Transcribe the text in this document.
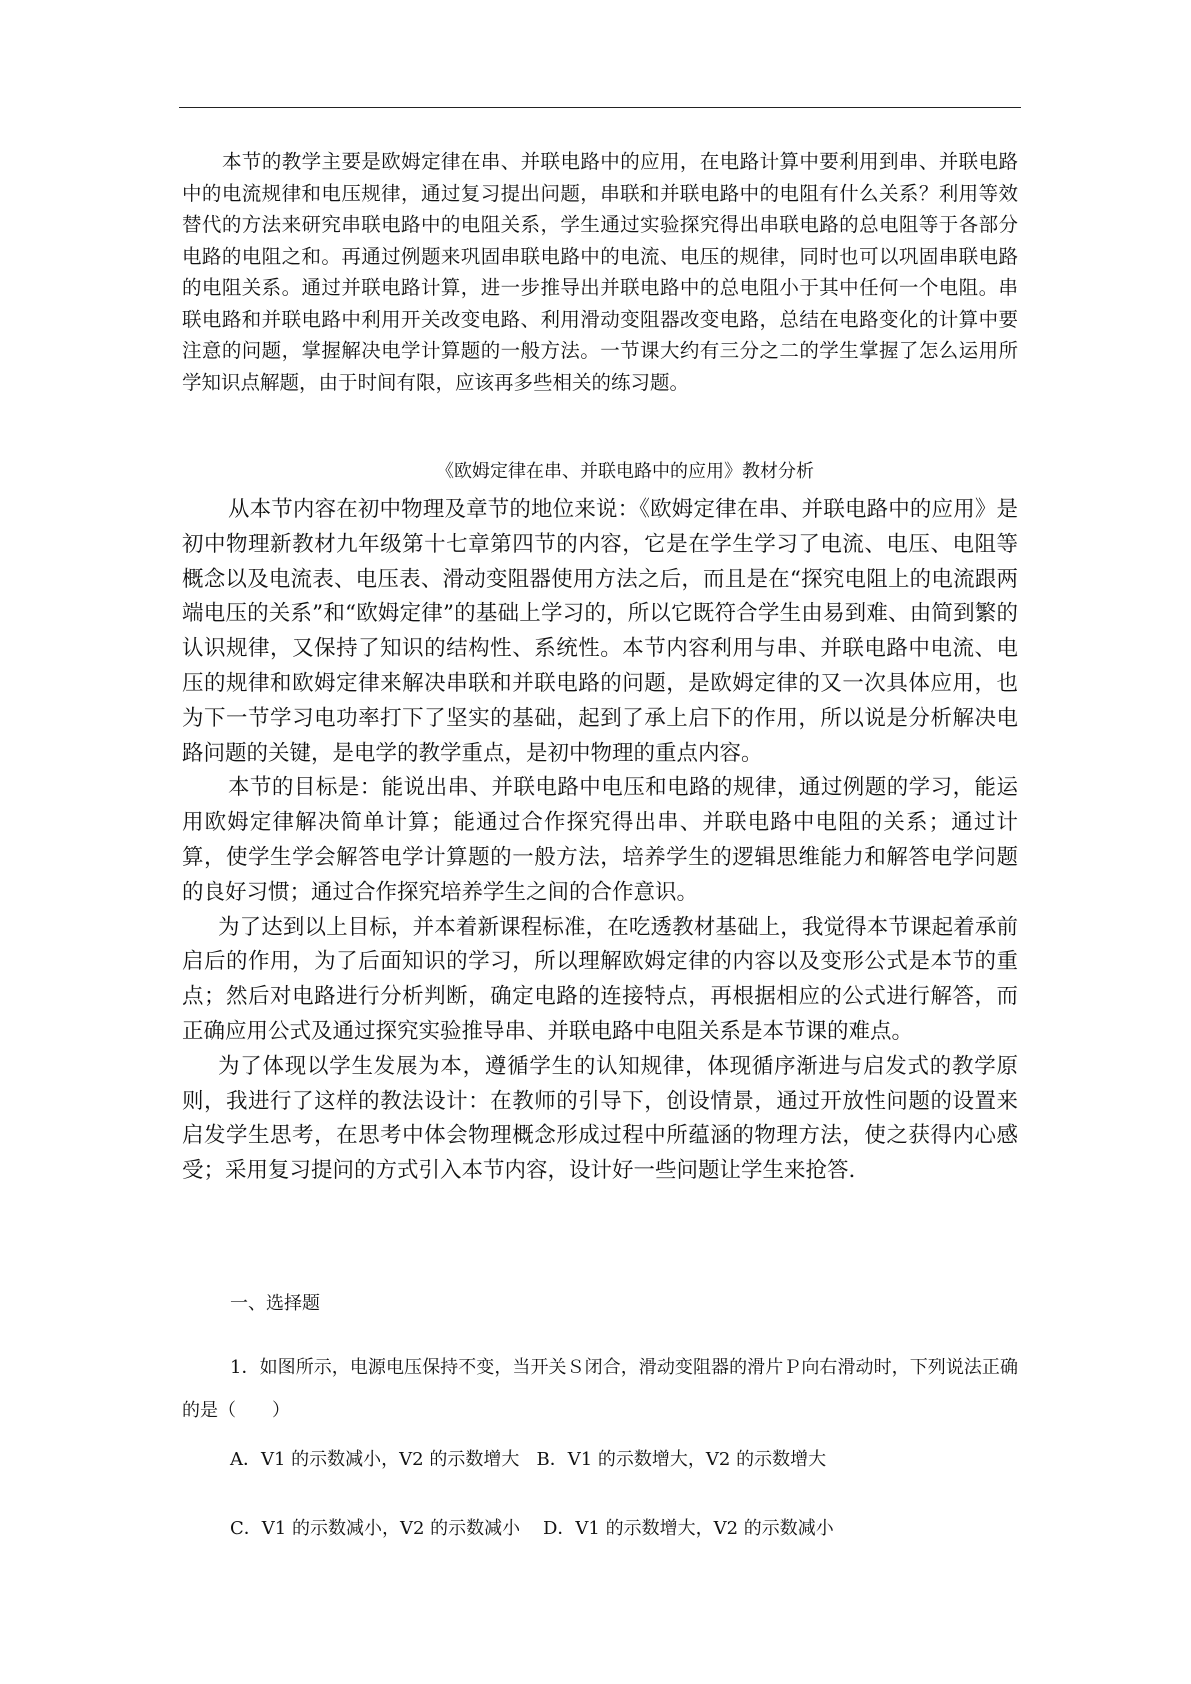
本节的教学主要是欧姆定律在串、并联电路中的应用，在电路计算中要利用到串、并联电路中的电流规律和电压规律，通过复习提出问题，串联和并联电路中的电阻有什么关系？利用等效替代的方法来研究串联电路中的电阻关系，学生通过实验探究得出串联电路的总电阻等于各部分电路的电阻之和。再通过例题来巩固串联电路中的电流、电压的规律，同时也可以巩固串联电路的电阻关系。通过并联电路计算，进一步推导出并联电路中的总电阻小于其中任何一个电阻。串联电路和并联电路中利用开关改变电路、利用滑动变阻器改变电路，总结在电路变化的计算中要注意的问题，掌握解决电学计算题的一般方法。一节课大约有三分之二的学生掌握了怎么运用所学知识点解题，由于时间有限，应该再多些相关的练习题。

《欧姆定律在串、并联电路中的应用》教材分析

从本节内容在初中物理及章节的地位来说：《欧姆定律在串、并联电路中的应用》是初中物理新教材九年级第十七章第四节的内容，它是在学生学习了电流、电压、电阻等概念以及电流表、电压表、滑动变阻器使用方法之后，而且是在“探究电阻上的电流跟两端电压的关系”和“欧姆定律”的基础上学习的，所以它既符合学生由易到难、由简到繁的认识规律，又保持了知识的结构性、系统性。本节内容利用与串、并联电路中电流、电压的规律和欧姆定律来解决串联和并联电路的问题，是欧姆定律的又一次具体应用，也为下一节学习电功率打下了坚实的基础，起到了承上启下的作用，所以说是分析解决电路问题的关键，是电学的教学重点，是初中物理的重点内容。

本节的目标是：能说出串、并联电路中电压和电路的规律，通过例题的学习，能运用欧姆定律解决简单计算；能通过合作探究得出串、并联电路中电阻的关系；通过计算，使学生学会解答电学计算题的一般方法，培养学生的逻辑思维能力和解答电学问题的良好习惯；通过合作探究培养学生之间的合作意识。

为了达到以上目标，并本着新课程标准，在吃透教材基础上，我觉得本节课起着承前启后的作用，为了后面知识的学习，所以理解欧姆定律的内容以及变形公式是本节的重点；然后对电路进行分析判断，确定电路的连接特点，再根据相应的公式进行解答，而正确应用公式及通过探究实验推导串、并联电路中电阻关系是本节课的难点。

为了体现以学生发展为本，遵循学生的认知规律，体现循序渐进与启发式的教学原则，我进行了这样的教法设计：在教师的引导下，创设情景，通过开放性问题的设置来启发学生思考，在思考中体会物理概念形成过程中所蕴涵的物理方法，使之获得内心感受；采用复习提问的方式引入本节内容，设计好一些问题让学生来抢答.

一、选择题

1．如图所示，电源电压保持不变，当开关Ｓ闭合，滑动变阻器的滑片Ｐ向右滑动时，下列说法正确的是（　　）

A．V1 的示数减小，V2 的示数增大   B．V1 的示数增大，V2 的示数增大

C．V1 的示数减小，V2 的示数减小    D．V1 的示数增大，V2 的示数减小
